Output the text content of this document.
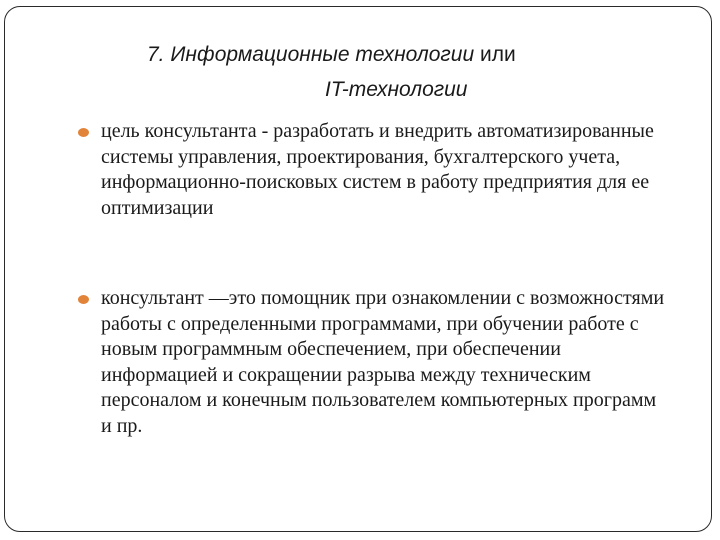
7. Информационные технологии или
IT-технологии
цель консультанта - разработать и внедрить автоматизированные системы управления, проектирования, бухгалтерского учета, информационно-поисковых систем в работу предприятия для ее оптимизации
консультант —это помощник при ознакомлении с возможностями работы с определенными программами, при обучении работе с новым программным обеспечением, при обеспечении информацией и сокращении разрыва между техническим персоналом и конечным пользователем компьютерных программ и пр.
